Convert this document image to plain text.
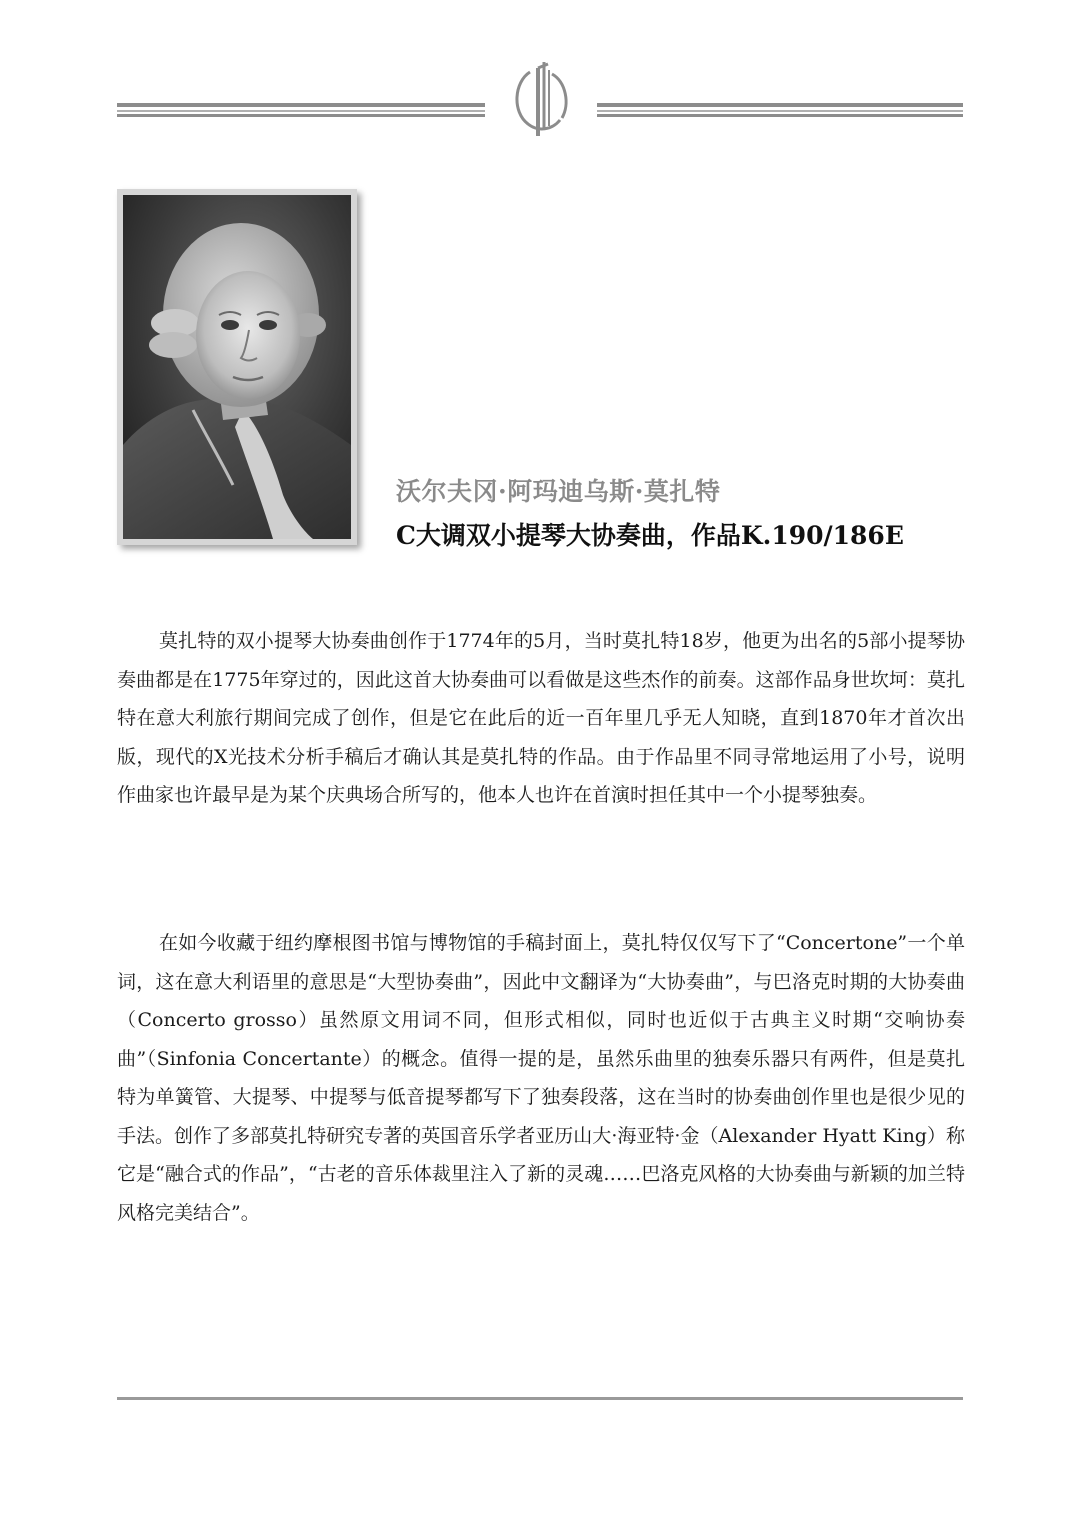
沃尔夫冈·阿玛迪乌斯·莫扎特
C大调双小提琴大协奏曲，作品K.190/186E

莫扎特的双小提琴大协奏曲创作于1774年的5月，当时莫扎特18岁，他更为出名的5部小提琴协奏曲都是在1775年穿过的，因此这首大协奏曲可以看做是这些杰作的前奏。这部作品身世坎坷：莫扎特在意大利旅行期间完成了创作，但是它在此后的近一百年里几乎无人知晓，直到1870年才首次出版，现代的X光技术分析手稿后才确认其是莫扎特的作品。由于作品里不同寻常地运用了小号，说明作曲家也许最早是为某个庆典场合所写的，他本人也许在首演时担任其中一个小提琴独奏。

在如今收藏于纽约摩根图书馆与博物馆的手稿封面上，莫扎特仅仅写下了“Concertone”一个单词，这在意大利语里的意思是“大型协奏曲”，因此中文翻译为“大协奏曲”，与巴洛克时期的大协奏曲（Concerto grosso）虽然原文用词不同，但形式相似，同时也近似于古典主义时期“交响协奏曲”（Sinfonia Concertante）的概念。值得一提的是，虽然乐曲里的独奏乐器只有两件，但是莫扎特为单簧管、大提琴、中提琴与低音提琴都写下了独奏段落，这在当时的协奏曲创作里也是很少见的手法。创作了多部莫扎特研究专著的英国音乐学者亚历山大·海亚特·金（Alexander Hyatt King）称它是“融合式的作品”，“古老的音乐体裁里注入了新的灵魂……巴洛克风格的大协奏曲与新颖的加兰特风格完美结合”。
